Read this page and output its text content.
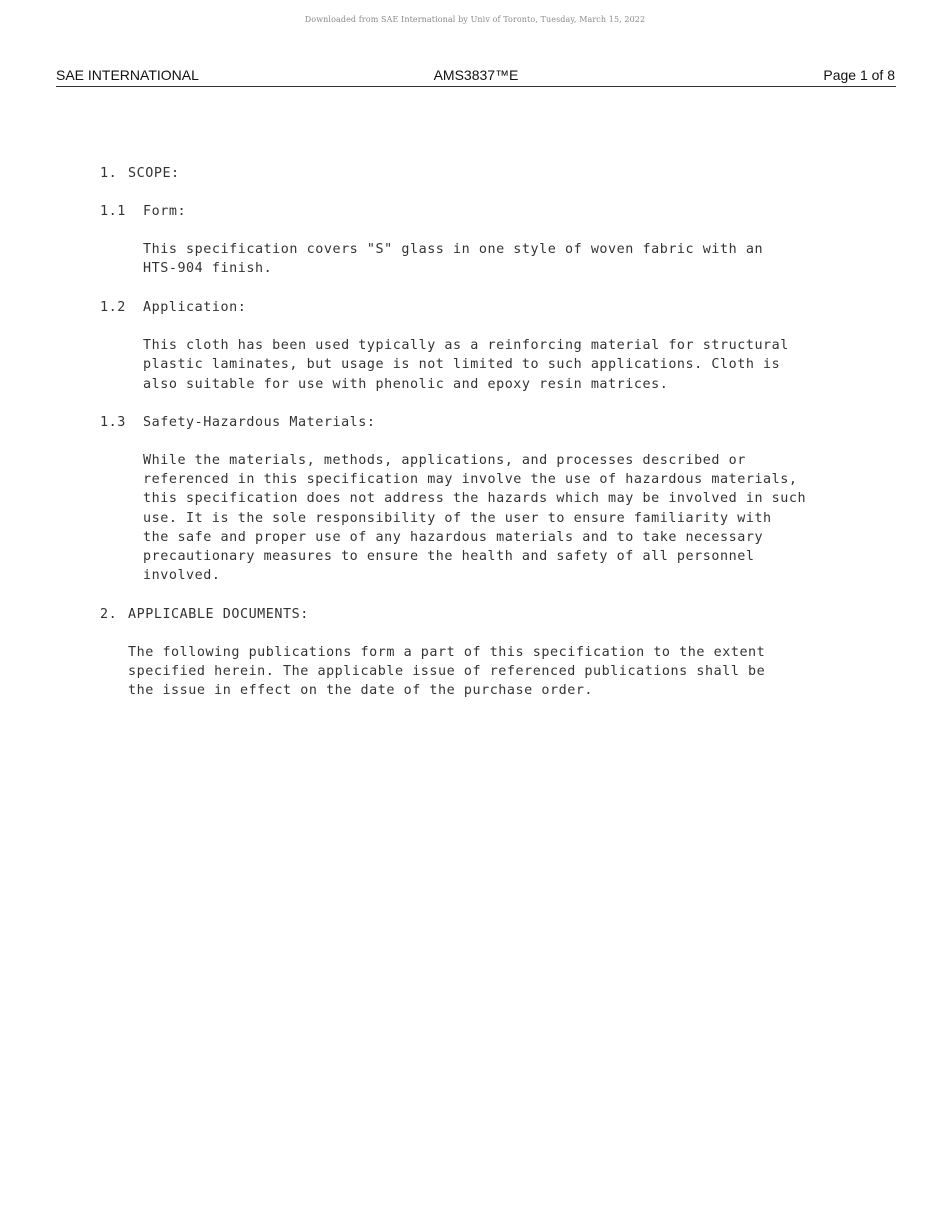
Downloaded from SAE International by Univ of Toronto, Tuesday, March 15, 2022
SAE INTERNATIONAL	AMS3837™E	Page 1 of 8
1. SCOPE:
1.1 Form:
This specification covers "S" glass in one style of woven fabric with an
HTS-904 finish.
1.2 Application:
This cloth has been used typically as a reinforcing material for structural
plastic laminates, but usage is not limited to such applications. Cloth is
also suitable for use with phenolic and epoxy resin matrices.
1.3 Safety-Hazardous Materials:
While the materials, methods, applications, and processes described or
referenced in this specification may involve the use of hazardous materials,
this specification does not address the hazards which may be involved in such
use. It is the sole responsibility of the user to ensure familiarity with
the safe and proper use of any hazardous materials and to take necessary
precautionary measures to ensure the health and safety of all personnel
involved.
2. APPLICABLE DOCUMENTS:
The following publications form a part of this specification to the extent
specified herein. The applicable issue of referenced publications shall be
the issue in effect on the date of the purchase order.
